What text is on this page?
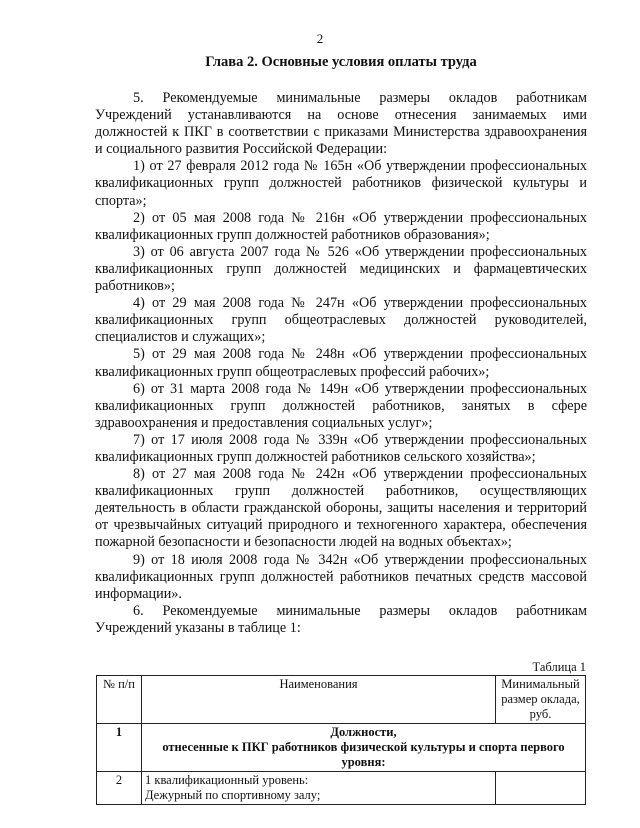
2
Глава 2. Основные условия оплаты труда

5. Рекомендуемые минимальные размеры окладов работникам Учреждений устанавливаются на основе отнесения занимаемых ими должностей к ПКГ в соответствии с приказами Министерства здравоохранения и социального развития Российской Федерации:

1) от 27 февраля 2012 года № 165н «Об утверждении профессиональных квалификационных групп должностей работников физической культуры и спорта»;

2) от 05 мая 2008 года № 216н «Об утверждении профессиональных квалификационных групп должностей работников образования»;

3) от 06 августа 2007 года № 526 «Об утверждении профессиональных квалификационных групп должностей медицинских и фармацевтических работников»;

4) от 29 мая 2008 года № 247н «Об утверждении профессиональных квалификационных групп общеотраслевых должностей руководителей, специалистов и служащих»;

5) от 29 мая 2008 года № 248н «Об утверждении профессиональных квалификационных групп общеотраслевых профессий рабочих»;

6) от 31 марта 2008 года № 149н «Об утверждении профессиональных квалификационных групп должностей работников, занятых в сфере здравоохранения и предоставления социальных услуг»;

7) от 17 июля 2008 года № 339н «Об утверждении профессиональных квалификационных групп должностей работников сельского хозяйства»;

8) от 27 мая 2008 года № 242н «Об утверждении профессиональных квалификационных групп должностей работников, осуществляющих деятельность в области гражданской обороны, защиты населения и территорий от чрезвычайных ситуаций природного и техногенного характера, обеспечения пожарной безопасности и безопасности людей на водных объектах»;

9) от 18 июля 2008 года № 342н «Об утверждении профессиональных квалификационных групп должностей работников печатных средств массовой информации».

6. Рекомендуемые минимальные размеры окладов работникам Учреждений указаны в таблице 1:

Таблица 1
№ п/п	Наименования	Минимальный размер оклада, руб.
1	Должности,
отнесенные к ПКГ работников физической культуры и спорта первого уровня:	

2	1 квалификационный уровень:
Дежурный по спортивному залу;	
